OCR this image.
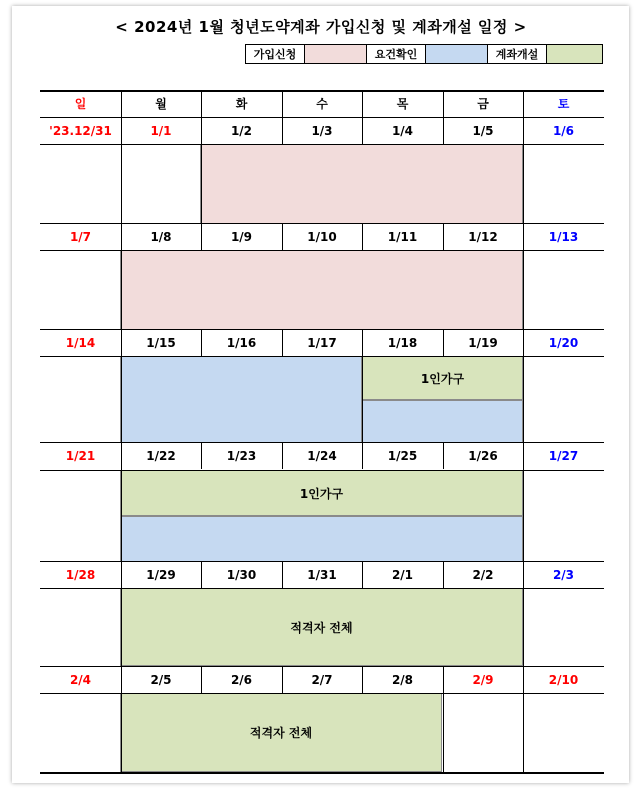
< 2024년 1월 청년도약계좌 가입신청 및 계좌개설 일정 >
가입신청	요건확인	계좌개설
1인가구
1인가구
적격자 전체
적격자 전체
일	월	화	수	목	금	토
'23.12/31	1/1	1/2	1/3	1/4	1/5	1/6
1/7	1/8	1/9	1/10	1/11	1/12	1/13
1/14	1/15	1/16	1/17	1/18	1/19	1/20
1/21	1/22	1/23	1/24	1/25	1/26	1/27
1/28	1/29	1/30	1/31	2/1	2/2	2/3
2/4	2/5	2/6	2/7	2/8	2/9	2/10
